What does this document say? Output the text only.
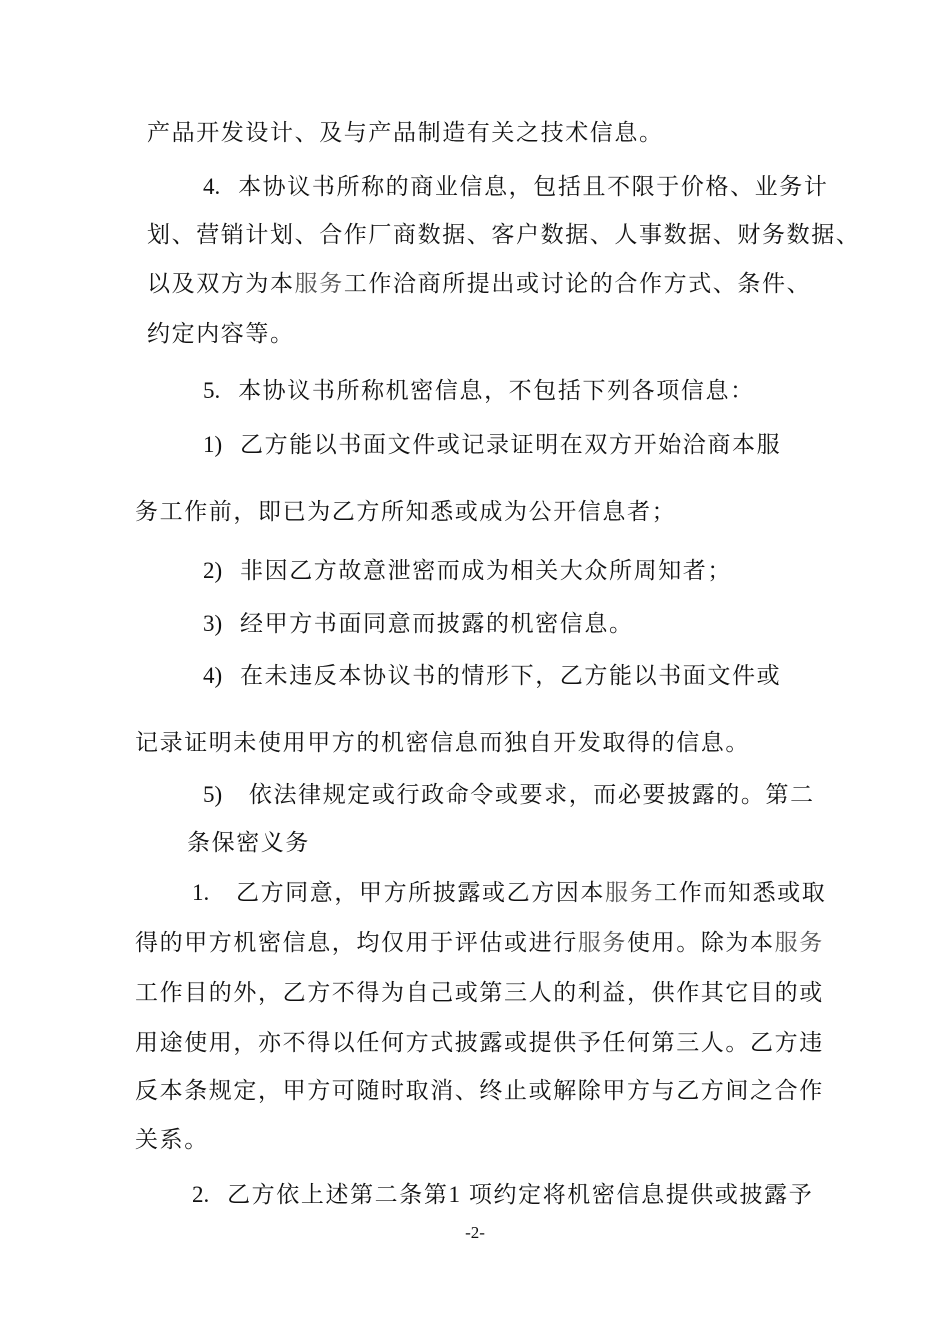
产品开发设计、及与产品制造有关之技术信息。
4. 本协议书所称的商业信息，包括且不限于价格、业务计
划、营销计划、合作厂商数据、客户数据、人事数据、财务数据、
以及双方为本服务工作洽商所提出或讨论的合作方式、条件、
约定内容等。
5. 本协议书所称机密信息，不包括下列各项信息：
1) 乙方能以书面文件或记录证明在双方开始洽商本服
务工作前，即已为乙方所知悉或成为公开信息者；
2) 非因乙方故意泄密而成为相关大众所周知者；
3) 经甲方书面同意而披露的机密信息。
4) 在未违反本协议书的情形下，乙方能以书面文件或
记录证明未使用甲方的机密信息而独自开发取得的信息。
5) 依法律规定或行政命令或要求，而必要披露的。第二
条保密义务
1. 乙方同意，甲方所披露或乙方因本服务工作而知悉或取
得的甲方机密信息，均仅用于评估或进行服务使用。除为本服务
工作目的外，乙方不得为自己或第三人的利益，供作其它目的或
用途使用，亦不得以任何方式披露或提供予任何第三人。乙方违
反本条规定，甲方可随时取消、终止或解除甲方与乙方间之合作
关系。
2. 乙方依上述第二条第1 项约定将机密信息提供或披露予
-2-
